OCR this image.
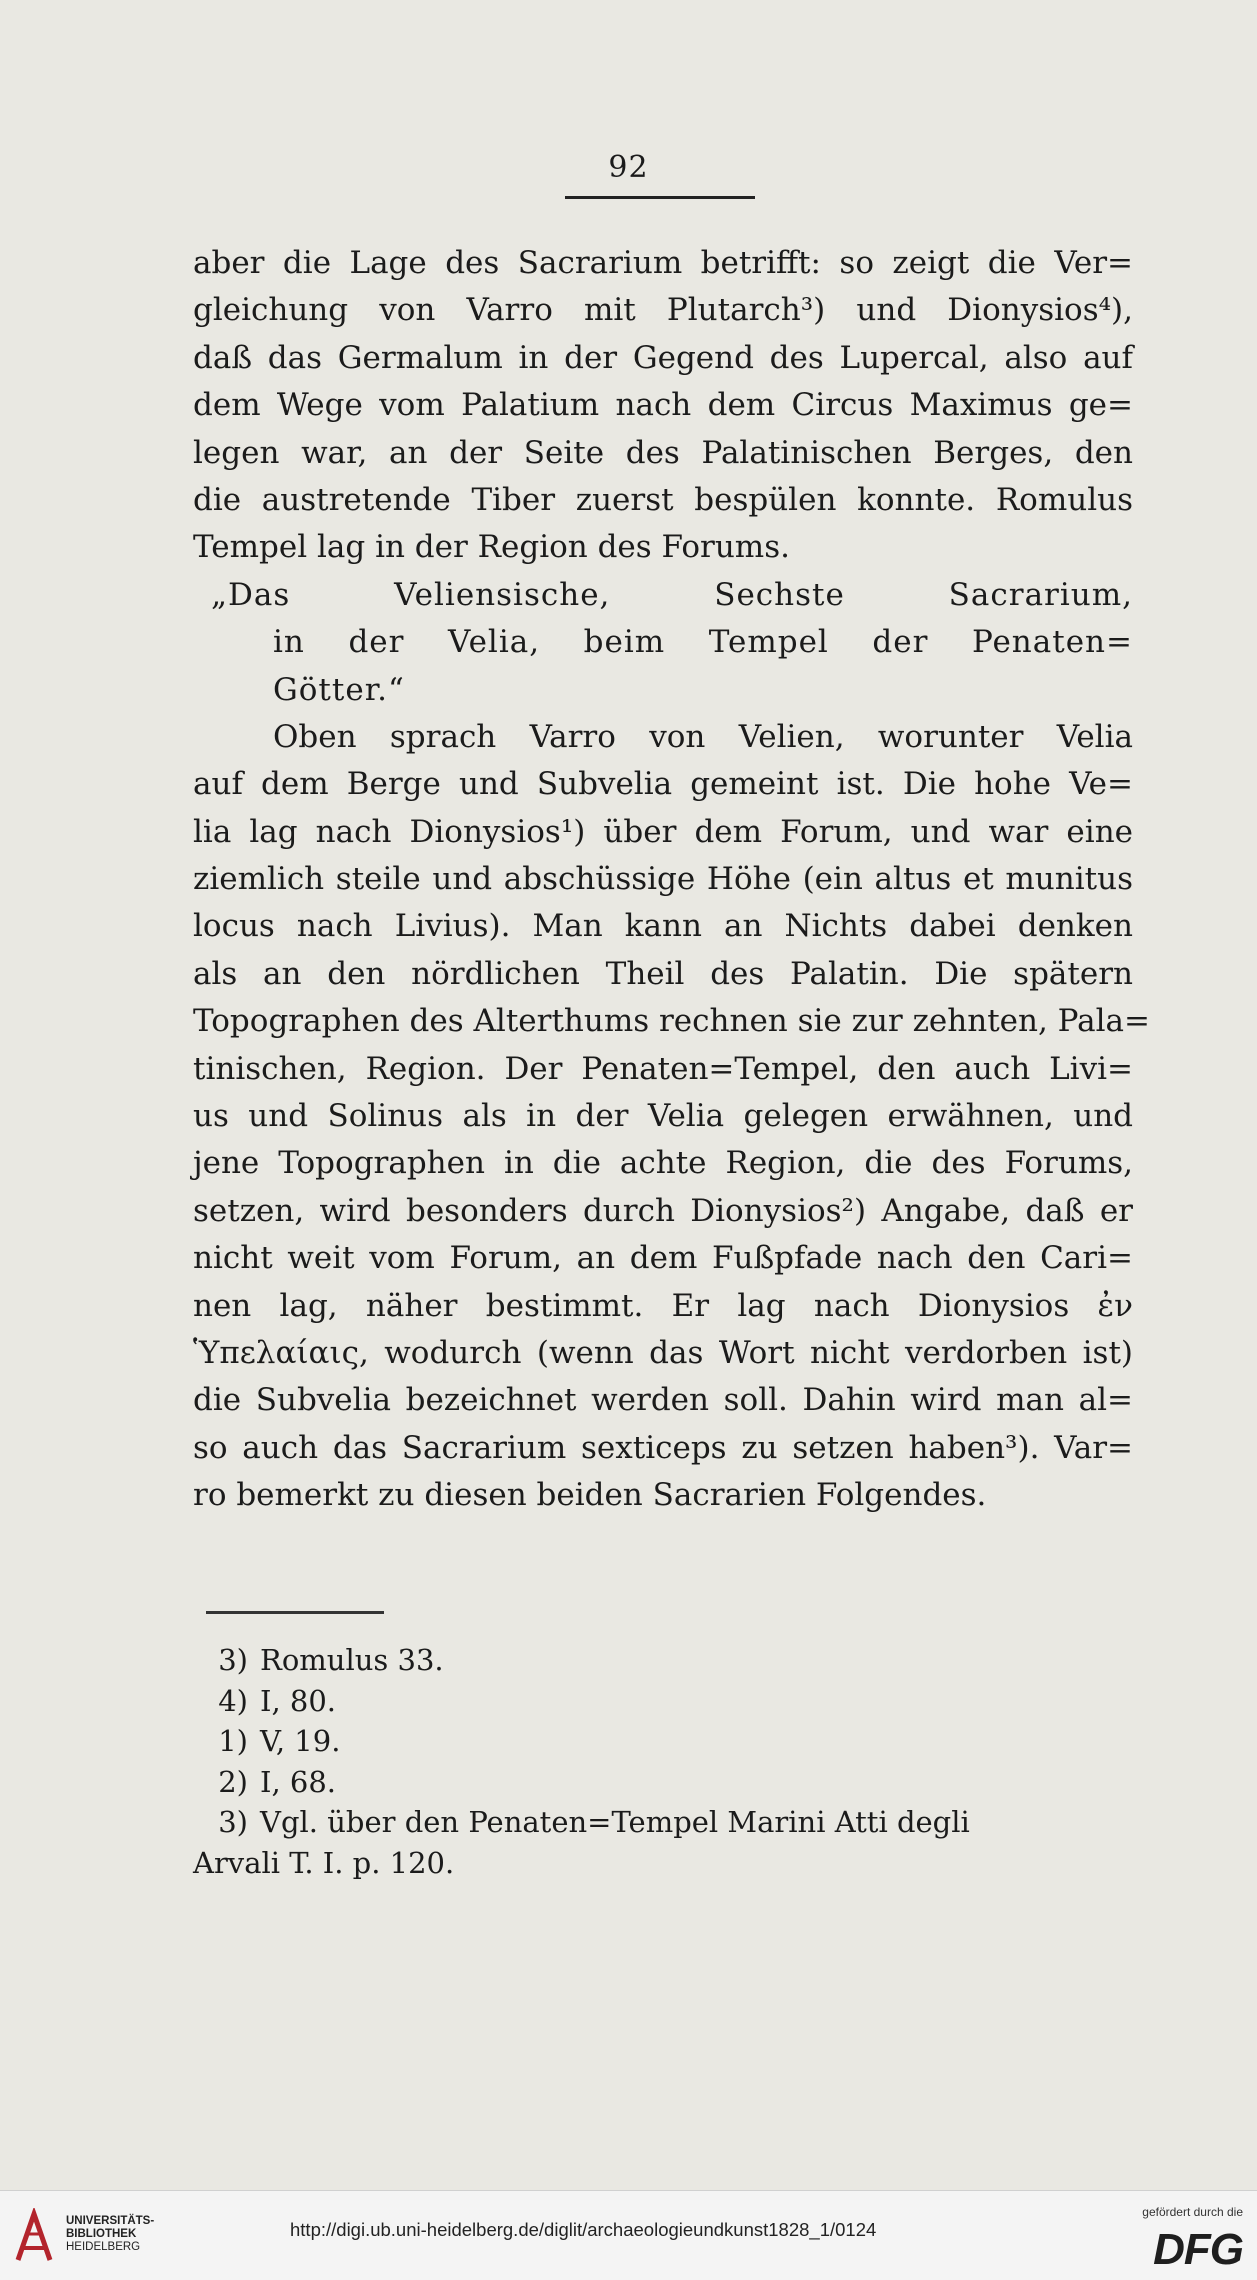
92
aber die Lage des Sacrarium betrifft: so zeigt die Ver=
gleichung von Varro mit Plutarch³) und Dionysios⁴),
daß das Germalum in der Gegend des Lupercal, also auf
dem Wege vom Palatium nach dem Circus Maximus ge=
legen war, an der Seite des Palatinischen Berges, den
die austretende Tiber zuerst bespülen konnte. Romulus
Tempel lag in der Region des Forums.
„Das Veliensische, Sechste Sacrarium,
in der Velia, beim Tempel der Penaten=
Götter.“
Oben sprach Varro von Velien, worunter Velia
auf dem Berge und Subvelia gemeint ist. Die hohe Ve=
lia lag nach Dionysios¹) über dem Forum, und war eine
ziemlich steile und abschüssige Höhe (ein altus et munitus
locus nach Livius). Man kann an Nichts dabei denken
als an den nördlichen Theil des Palatin. Die spätern
Topographen des Alterthums rechnen sie zur zehnten, Pala=
tinischen, Region. Der Penaten=Tempel, den auch Livi=
us und Solinus als in der Velia gelegen erwähnen, und
jene Topographen in die achte Region, die des Forums,
setzen, wird besonders durch Dionysios²) Angabe, daß er
nicht weit vom Forum, an dem Fußpfade nach den Cari=
nen lag, näher bestimmt. Er lag nach Dionysios ἐν
Ὑπελαίαις, wodurch (wenn das Wort nicht verdorben ist)
die Subvelia bezeichnet werden soll. Dahin wird man al=
so auch das Sacrarium sexticeps zu setzen haben³). Var=
ro bemerkt zu diesen beiden Sacrarien Folgendes.
3) Romulus 33.
4) I, 80.
1) V, 19.
2) I, 68.
3) Vgl. über den Penaten=Tempel Marini Atti degli
Arvali T. I. p. 120.
UNIVERSITÄTS-
BIBLIOTHEK
HEIDELBERG
http://digi.ub.uni-heidelberg.de/diglit/archaeologieundkunst1828_1/0124
gefördert durch die
DFG
